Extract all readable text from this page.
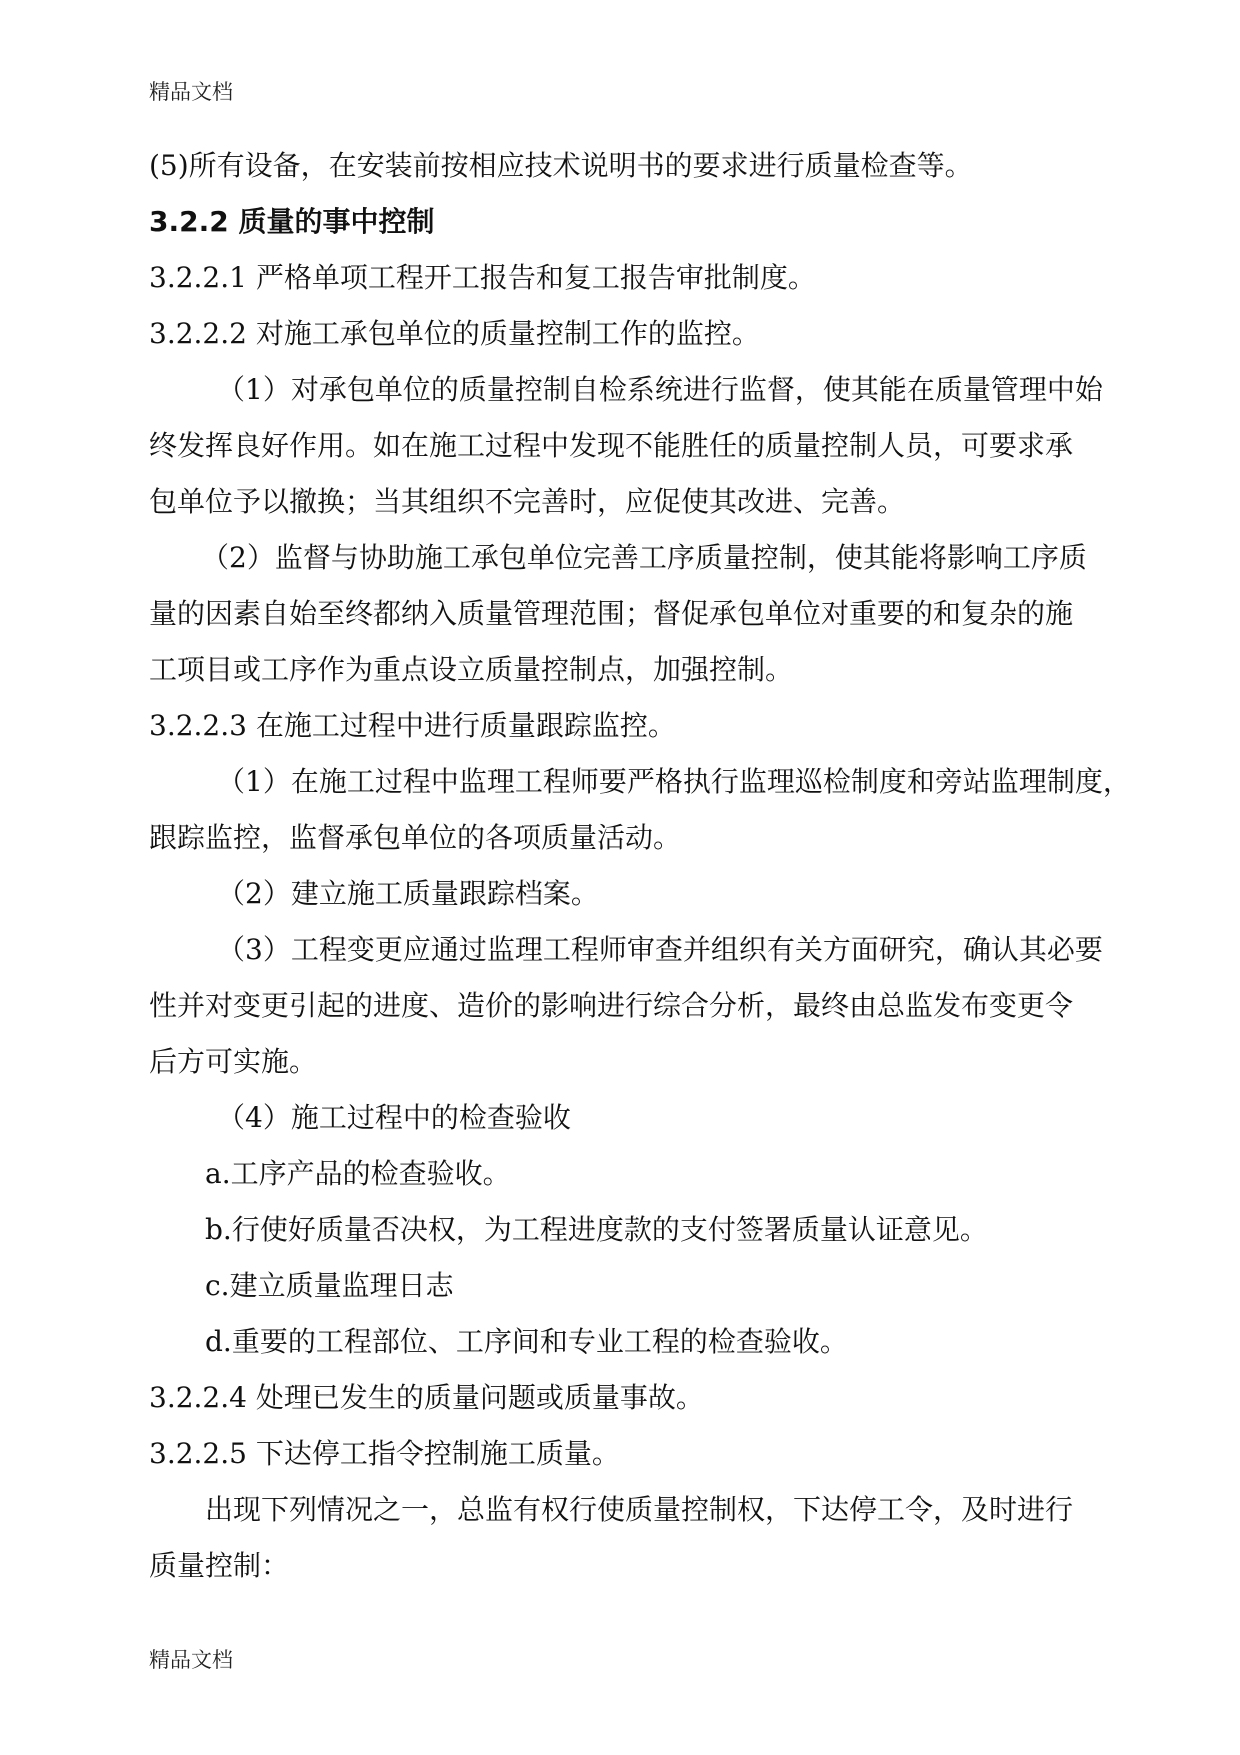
精品文档
(5)所有设备，在安装前按相应技术说明书的要求进行质量检查等。
3.2.2 质量的事中控制
3.2.2.1 严格单项工程开工报告和复工报告审批制度。
3.2.2.2 对施工承包单位的质量控制工作的监控。
（1）对承包单位的质量控制自检系统进行监督，使其能在质量管理中始
终发挥良好作用。如在施工过程中发现不能胜任的质量控制人员，可要求承
包单位予以撤换；当其组织不完善时，应促使其改进、完善。
（2）监督与协助施工承包单位完善工序质量控制，使其能将影响工序质
量的因素自始至终都纳入质量管理范围；督促承包单位对重要的和复杂的施
工项目或工序作为重点设立质量控制点，加强控制。
3.2.2.3 在施工过程中进行质量跟踪监控。
（1）在施工过程中监理工程师要严格执行监理巡检制度和旁站监理制度，
跟踪监控，监督承包单位的各项质量活动。
（2）建立施工质量跟踪档案。
（3）工程变更应通过监理工程师审查并组织有关方面研究，确认其必要
性并对变更引起的进度、造价的影响进行综合分析，最终由总监发布变更令
后方可实施。
（4）施工过程中的检查验收
a.工序产品的检查验收。
b.行使好质量否决权，为工程进度款的支付签署质量认证意见。
c.建立质量监理日志
d.重要的工程部位、工序间和专业工程的检查验收。
3.2.2.4 处理已发生的质量问题或质量事故。
3.2.2.5 下达停工指令控制施工质量。
出现下列情况之一，总监有权行使质量控制权，下达停工令，及时进行
质量控制：
精品文档
